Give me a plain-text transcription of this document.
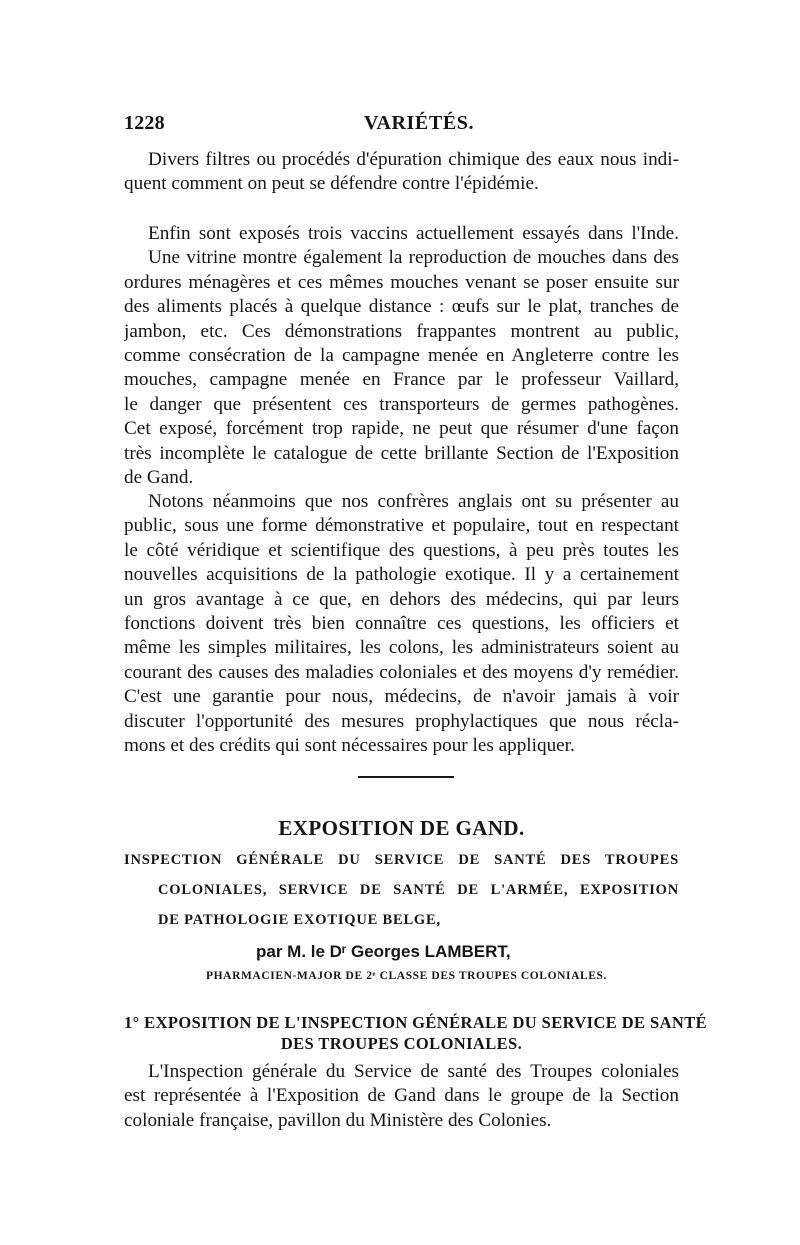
1228	VARIÉTÉS.
Divers filtres ou procédés d'épuration chimique des eaux nous indi-
quent comment on peut se défendre contre l'épidémie.
Enfin sont exposés trois vaccins actuellement essayés dans l'Inde.
Une vitrine montre également la reproduction de mouches dans des
ordures ménagères et ces mêmes mouches venant se poser ensuite sur
des aliments placés à quelque distance : œufs sur le plat, tranches de
jambon, etc. Ces démonstrations frappantes montrent au public,
comme consécration de la campagne menée en Angleterre contre les
mouches, campagne menée en France par le professeur Vaillard,
le danger que présentent ces transporteurs de germes pathogènes.
Cet exposé, forcément trop rapide, ne peut que résumer d'une façon
très incomplète le catalogue de cette brillante Section de l'Exposition
de Gand.
Notons néanmoins que nos confrères anglais ont su présenter au
public, sous une forme démonstrative et populaire, tout en respectant
le côté véridique et scientifique des questions, à peu près toutes les
nouvelles acquisitions de la pathologie exotique. Il y a certainement
un gros avantage à ce que, en dehors des médecins, qui par leurs
fonctions doivent très bien connaître ces questions, les officiers et
même les simples militaires, les colons, les administrateurs soient au
courant des causes des maladies coloniales et des moyens d'y remédier.
C'est une garantie pour nous, médecins, de n'avoir jamais à voir
discuter l'opportunité des mesures prophylactiques que nous récla-
mons et des crédits qui sont nécessaires pour les appliquer.
EXPOSITION DE GAND.
INSPECTION GÉNÉRALE DU SERVICE DE SANTÉ DES TROUPES
COLONIALES, SERVICE DE SANTÉ DE L'ARMÉE, EXPOSITION
DE PATHOLOGIE EXOTIQUE BELGE,
par M. le Dʳ Georges LAMBERT,
PHARMACIEN-MAJOR DE 2ᵉ CLASSE DES TROUPES COLONIALES.
1° EXPOSITION DE L'INSPECTION GÉNÉRALE DU SERVICE DE SANTÉ
DES TROUPES COLONIALES.
L'Inspection générale du Service de santé des Troupes coloniales
est représentée à l'Exposition de Gand dans le groupe de la Section
coloniale française, pavillon du Ministère des Colonies.
